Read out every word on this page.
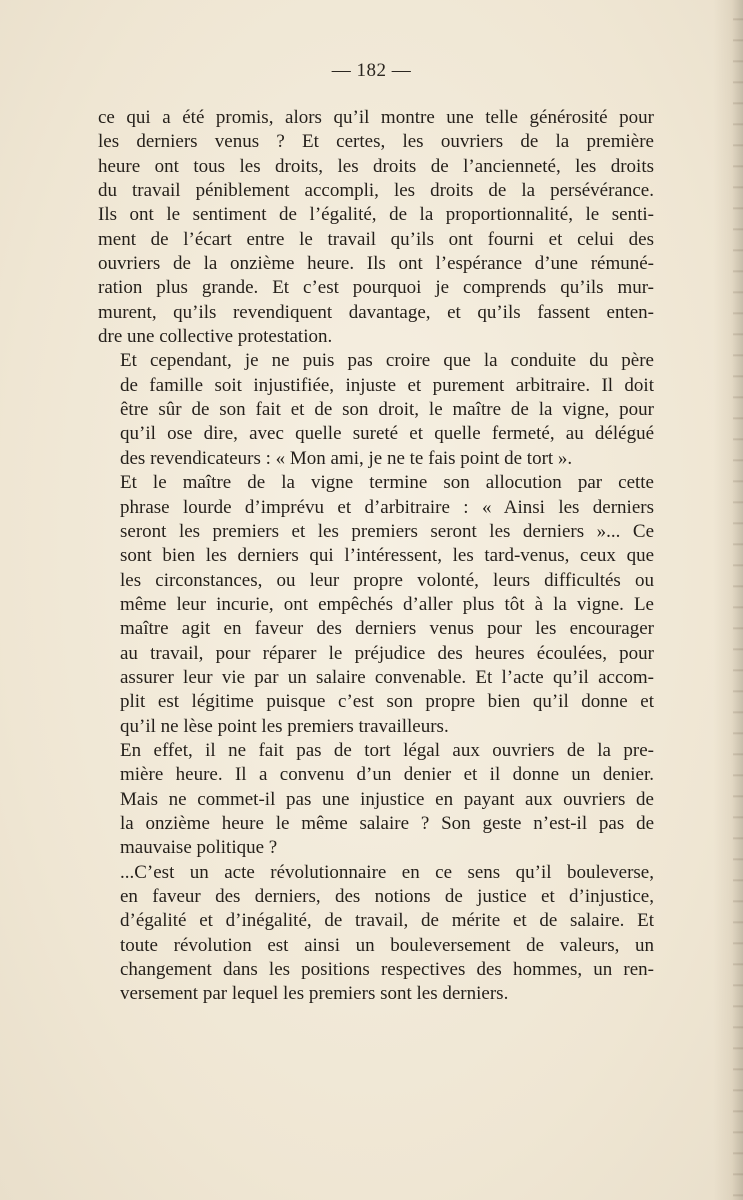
— 182 —

ce qui a été promis, alors qu’il montre une telle générosité pour
les derniers venus ? Et certes, les ouvriers de la première
heure ont tous les droits, les droits de l’ancienneté, les droits
du travail péniblement accompli, les droits de la persévérance.
Ils ont le sentiment de l’égalité, de la proportionnalité, le senti-
ment de l’écart entre le travail qu’ils ont fourni et celui des
ouvriers de la onzième heure. Ils ont l’espérance d’une rémuné-
ration plus grande. Et c’est pourquoi je comprends qu’ils mur-
murent, qu’ils revendiquent davantage, et qu’ils fassent enten-
dre une collective protestation.

Et cependant, je ne puis pas croire que la conduite du père
de famille soit injustifiée, injuste et purement arbitraire. Il doit
être sûr de son fait et de son droit, le maître de la vigne, pour
qu’il ose dire, avec quelle sureté et quelle fermeté, au délégué
des revendicateurs : « Mon ami, je ne te fais point de tort ».

Et le maître de la vigne termine son allocution par cette
phrase lourde d’imprévu et d’arbitraire : « Ainsi les derniers
seront les premiers et les premiers seront les derniers »... Ce
sont bien les derniers qui l’intéressent, les tard-venus, ceux que
les circonstances, ou leur propre volonté, leurs difficultés ou
même leur incurie, ont empêchés d’aller plus tôt à la vigne. Le
maître agit en faveur des derniers venus pour les encourager
au travail, pour réparer le préjudice des heures écoulées, pour
assurer leur vie par un salaire convenable. Et l’acte qu’il accom-
plit est légitime puisque c’est son propre bien qu’il donne et
qu’il ne lèse point les premiers travailleurs.

En effet, il ne fait pas de tort légal aux ouvriers de la pre-
mière heure. Il a convenu d’un denier et il donne un denier.
Mais ne commet-il pas une injustice en payant aux ouvriers de
la onzième heure le même salaire ? Son geste n’est-il pas de
mauvaise politique ?

...C’est un acte révolutionnaire en ce sens qu’il bouleverse,
en faveur des derniers, des notions de justice et d’injustice,
d’égalité et d’inégalité, de travail, de mérite et de salaire. Et
toute révolution est ainsi un bouleversement de valeurs, un
changement dans les positions respectives des hommes, un ren-
versement par lequel les premiers sont les derniers.
